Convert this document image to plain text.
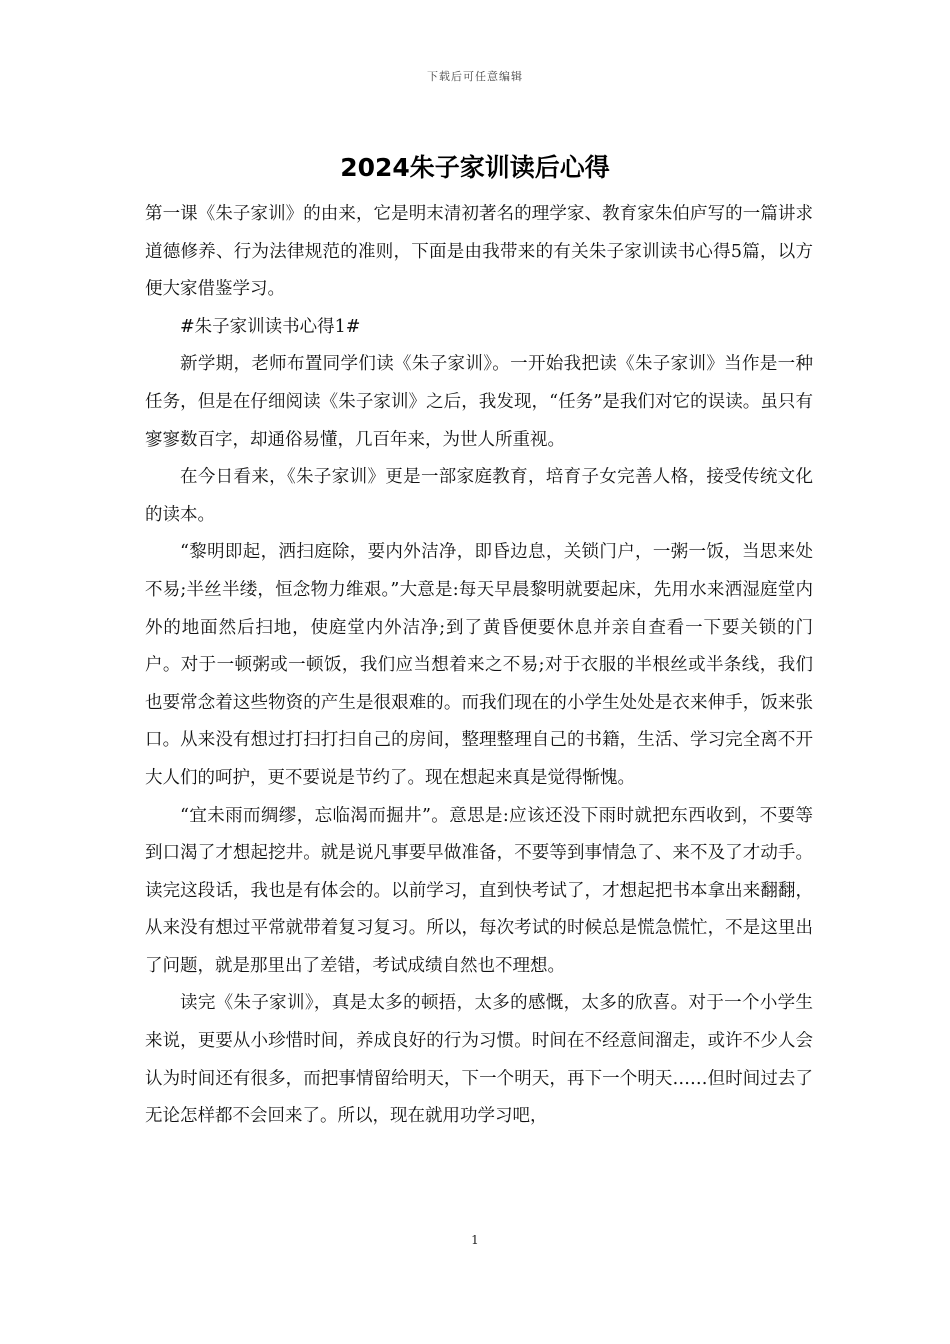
下载后可任意编辑
2024朱子家训读后心得

第一课《朱子家训》的由来，它是明末清初著名的理学家、教育家朱伯庐写的一篇讲求道德修养、行为法律规范的准则，下面是由我带来的有关朱子家训读书心得5篇，以方便大家借鉴学习。

#朱子家训读书心得1#

新学期，老师布置同学们读《朱子家训》。一开始我把读《朱子家训》当作是一种任务，但是在仔细阅读《朱子家训》之后，我发现，“任务”是我们对它的误读。虽只有寥寥数百字，却通俗易懂，几百年来，为世人所重视。

在今日看来，《朱子家训》更是一部家庭教育，培育子女完善人格，接受传统文化的读本。

“黎明即起，洒扫庭除，要内外洁净，即昏边息，关锁门户，一粥一饭，当思来处不易;半丝半缕，恒念物力维艰。”大意是:每天早晨黎明就要起床，先用水来洒湿庭堂内外的地面然后扫地，使庭堂内外洁净;到了黄昏便要休息并亲自查看一下要关锁的门户。对于一顿粥或一顿饭，我们应当想着来之不易;对于衣服的半根丝或半条线，我们也要常念着这些物资的产生是很艰难的。而我们现在的小学生处处是衣来伸手，饭来张口。从来没有想过打扫打扫自己的房间，整理整理自己的书籍，生活、学习完全离不开大人们的呵护，更不要说是节约了。现在想起来真是觉得惭愧。

“宜未雨而绸缪，忘临渴而掘井”。意思是:应该还没下雨时就把东西收到，不要等到口渴了才想起挖井。就是说凡事要早做准备，不要等到事情急了、来不及了才动手。读完这段话，我也是有体会的。以前学习，直到快考试了，才想起把书本拿出来翻翻，从来没有想过平常就带着复习复习。所以，每次考试的时候总是慌急慌忙，不是这里出了问题，就是那里出了差错，考试成绩自然也不理想。

读完《朱子家训》，真是太多的顿捂，太多的感慨，太多的欣喜。对于一个小学生来说，更要从小珍惜时间，养成良好的行为习惯。时间在不经意间溜走，或许不少人会认为时间还有很多，而把事情留给明天，下一个明天，再下一个明天……但时间过去了无论怎样都不会回来了。所以，现在就用功学习吧，

1
